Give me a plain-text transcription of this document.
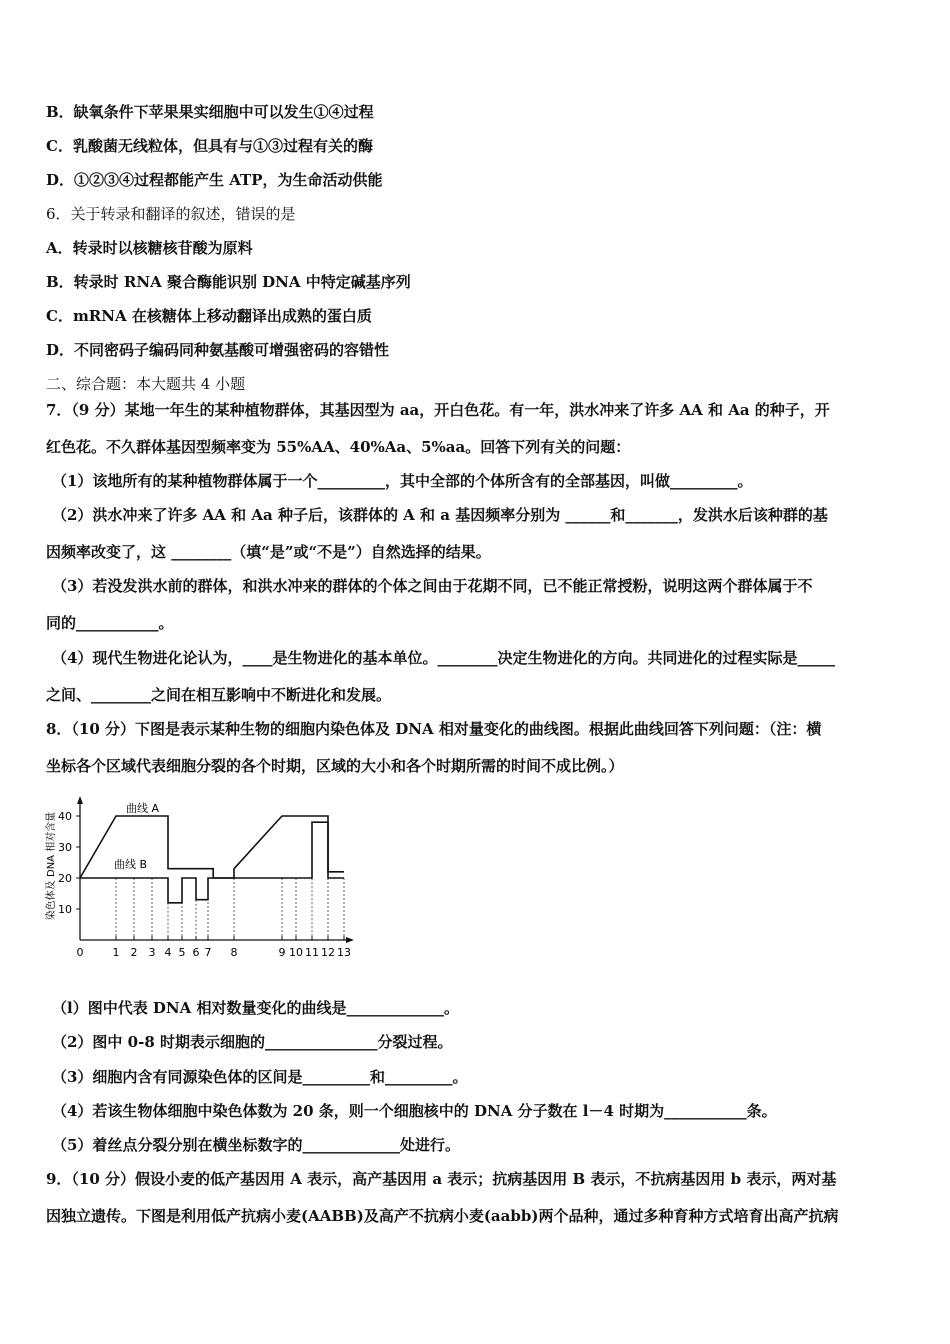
B．缺氧条件下苹果果实细胞中可以发生①④过程
C．乳酸菌无线粒体，但具有与①③过程有关的酶
D．①②③④过程都能产生 ATP，为生命活动供能
6．关于转录和翻译的叙述，错误的是
A．转录时以核糖核苷酸为原料
B．转录时 RNA 聚合酶能识别 DNA 中特定碱基序列
C．mRNA 在核糖体上移动翻译出成熟的蛋白质
D．不同密码子编码同种氨基酸可增强密码的容错性
二、综合题：本大题共 4 小题
7．（9 分）某地一年生的某种植物群体，其基因型为 aa，开白色花。有一年，洪水冲来了许多 AA 和 Aa 的种子，开
红色花。不久群体基因型频率变为 55%AA、40%Aa、5%aa。回答下列有关的问题：
（1）该地所有的某种植物群体属于一个_________，其中全部的个体所含有的全部基因，叫做_________。
（2）洪水冲来了许多 AA 和 Aa 种子后，该群体的 A 和 a 基因频率分别为 ______和_______，发洪水后该种群的基
因频率改变了，这 ________（填“是”或“不是”）自然选择的结果。
（3）若没发洪水前的群体，和洪水冲来的群体的个体之间由于花期不同，已不能正常授粉，说明这两个群体属于不
同的___________。
（4）现代生物进化论认为，____是生物进化的基本单位。________决定生物进化的方向。共同进化的过程实际是_____
之间、________之间在相互影响中不断进化和发展。
8．（10 分）下图是表示某种生物的细胞内染色体及 DNA 相对量变化的曲线图。根据此曲线回答下列问题：（注：横
坐标各个区域代表细胞分裂的各个时期，区域的大小和各个时期所需的时间不成比例。）
染色体及 DNA 相对含量 10
20
30
40
0	1 2 3 4 5 6 7 8	9 10 11 12 13
曲线 A
曲线 B
（l）图中代表 DNA 相对数量变化的曲线是_____________。
（2）图中 0-8 时期表示细胞的_______________分裂过程。
（3）细胞内含有同源染色体的区间是_________和_________。
（4）若该生物体细胞中染色体数为 20 条，则一个细胞核中的 DNA 分子数在 l－4 时期为___________条。
（5）着丝点分裂分别在横坐标数字的_____________处进行。
9．（10 分）假设小麦的低产基因用 A 表示，高产基因用 a 表示；抗病基因用 B 表示，不抗病基因用 b 表示，两对基
因独立遗传。下图是利用低产抗病小麦(AABB)及高产不抗病小麦(aabb)两个品种，通过多种育种方式培育出高产抗病
